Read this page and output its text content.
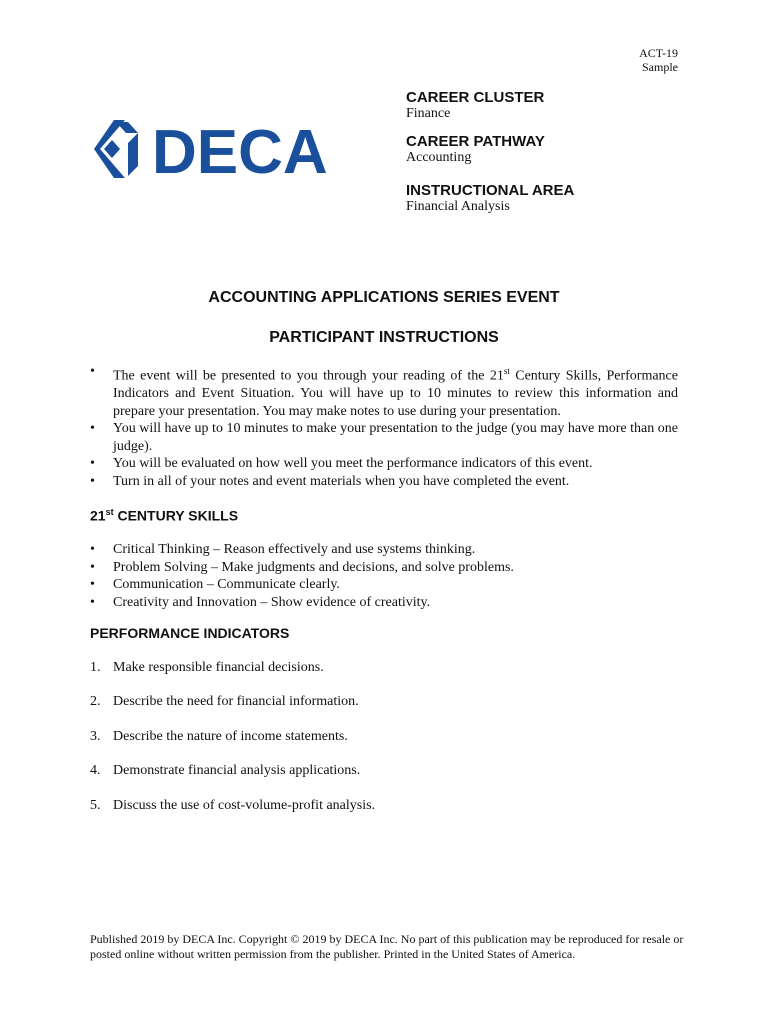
ACT-19
Sample
DECA
CAREER CLUSTER
Finance
CAREER PATHWAY
Accounting
INSTRUCTIONAL AREA
Financial Analysis
ACCOUNTING APPLICATIONS SERIES EVENT
PARTICIPANT INSTRUCTIONS
• The event will be presented to you through your reading of the 21st Century Skills, Performance Indicators and Event Situation. You will have up to 10 minutes to review this information and prepare your presentation. You may make notes to use during your presentation.
• You will have up to 10 minutes to make your presentation to the judge (you may have more than one judge).
• You will be evaluated on how well you meet the performance indicators of this event.
• Turn in all of your notes and event materials when you have completed the event.
21st CENTURY SKILLS
• Critical Thinking – Reason effectively and use systems thinking.
• Problem Solving – Make judgments and decisions, and solve problems.
• Communication – Communicate clearly.
• Creativity and Innovation – Show evidence of creativity.
PERFORMANCE INDICATORS
1. Make responsible financial decisions.
2. Describe the need for financial information.
3. Describe the nature of income statements.
4. Demonstrate financial analysis applications.
5. Discuss the use of cost-volume-profit analysis.
Published 2019 by DECA Inc. Copyright © 2019 by DECA Inc. No part of this publication may be reproduced for resale or posted online without written permission from the publisher. Printed in the United States of America.
